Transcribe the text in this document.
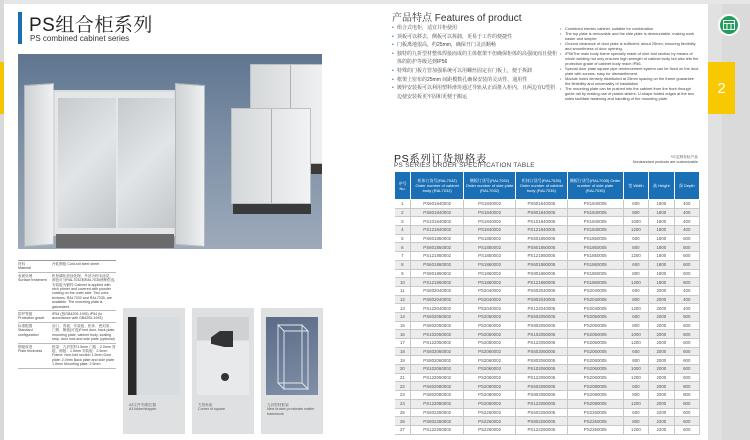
PS组合柜系列
PS combined cabinet series
材料
Material
冷轧钢板 Cold-roll steel sheet
表面处理
Surface treatment
机柜磷化底涂处理，外部为粉末涂层，颜色可分RAL7032和RAL7035两种供选,安装板为镀锌 Cabinet is applied with etch primer and covered with powder coating on the outer side. Two color textures, RAL7032 and RAL7035, are available. The mounting plate is galvanized.
防护等级
Protection grade
IP54 (按GB4205-1993) IP54 (in accordance with GB4205-1993)
标准配置
Standard configuration
前门、背板、安装板、柜体、密封条、门锁、侧板(可选)Front door, back plate, mounting plate, cabinet body, sealing strip, door lock and side plate (optional)
钢板厚度
Plate thickness
框架：九折型材1.5mm 门板：2.0mm 背板、侧板：1.5mm 安装板：2.5mm Frame: nine-fold section 1.5mm Door plate: 2.0mm Back plate and side plate: 1.5mm Mounting plate: 2.5mm
A3文件夹/限位器
A3 folder/stopper
方管角座
Corner of square
九折型材框架
Nine broken proximate matter framework
产品特点 Features of product
• 组合式电柜，适宜并柜使用
• 顶板可以移去，侧板可以拆卸，更易于工作的便捷性
• 门板离地很高，约25mm，确保开门灵活顺畅
• 独特的九折型材整体焊接而成的主体框架不但确保柜体的高强度而且使柜体的防护等级达到IP56
• 特殊的门板方管加强系统可以用螺丝固定在门板上，便于拆卸
• 框架上密布的25mm 间距模数孔确保安装的灵活性、通用性
• 镀锌安装板可以利用塑料滑块通过导轨从正面推入柜内，且两边有U型折边使安装板更牢固和更便于搬运
• Combined electric cabinet, suitable for combination
• The top plate is removable and the side plate is demountable, making work easier and simpler
• Ground clearance of door plate is sufficient, about 25mm, ensuring flexibility and smoothness of door opening.
• IP56The main body frame specially made of nine-fold section by means of whole welding not only ensures high strength of cabinet body but also lets the protection grade of cabinet body reach IP56.
• Special door plate square pipe reinforcement system can be fixed on the door plate with screws, easy for dismantlement.
• Module holes densely distributed at 25mm spacing on the frame guarantee the flexibility and universality of installation
• The mounting plate can be pushed into the cabinet from the front through guide rail by making use of plastic sliders. U-shape folded edges at the two sides facilitate fastening and handling of the mounting plate.
PS系列订货规格表
PS SERIES ORDER SPECIFICATION TABLE
*可定制非标产品
Nonstandard products are customizable
序号 No.	柜体订货号(RAL7032) Order number of cabinet body (RAL7032)	侧板订货号(RAL7032) Order number of side plate (RAL7032)	柜体订货号(RAL7035) Order number of cabinet body (RAL7035)	侧板订货号(RAL7035) Order number of side plate (RAL7035)	宽 Width	高 Height	深 Depth
1	PS601840002	PS1840002	PS601840005	PS1840005	600	1800	400
2	PS801840002	PS1840002	PS801840005	PS1840005	800	1800	400
3	PS101840002	PS1840002	PS101840005	PS1840005	1000	1800	400
4	PS121840002	PS1840002	PS121840005	PS1840005	1200	1800	400
5	PS601850002	PS1850002	PS601850005	PS1850005	600	1800	500
6	PS801850002	PS1850002	PS801850005	PS1850005	800	1800	500
7	PS121850002	PS1850002	PS121850005	PS1850005	1200	1800	500
8	PS601860002	PS1860002	PS601860005	PS1860005	600	1800	600
9	PS801860002	PS1860002	PS801860005	PS1860005	800	1800	600
10	PS121860002	PS1860002	PS121860005	PS1860005	1200	1800	600
11	PS602040002	PS2040002	PS602040005	PS2040005	600	2000	400
12	PS802040002	PS2040002	PS802040005	PS2040005	800	2000	400
13	PS122040002	PS2040002	PS122040005	PS2040005	1200	2000	400
14	PS602050002	PS2050002	PS602050005	PS2050005	600	2000	500
15	PS802050002	PS2050002	PS802050005	PS2050005	800	2000	500
16	PS102050002	PS2050002	PS102050005	PS2050005	1000	2000	500
17	PS122050002	PS2050002	PS122050005	PS2050005	1200	2000	500
18	PS602060002	PS2060002	PS602060005	PS2060005	600	2000	600
19	PS802060002	PS2060002	PS802060005	PS2060005	800	2000	600
20	PS102060002	PS2060002	PS102060005	PS2060005	1000	2000	600
21	PS122060002	PS2060002	PS122060005	PS2060005	1200	2000	600
22	PS602080002	PS2080002	PS602080005	PS2080005	600	2000	800
23	PS802080002	PS2080002	PS802080005	PS2080005	800	2000	800
24	PS122080002	PS2080002	PS122080005	PS2080005	1200	2000	800
25	PS602260002	PS2260002	PS602260005	PS2260005	600	2200	600
26	PS802260002	PS2260002	PS802260005	PS2260005	800	2200	600
27	PS122260002	PS2260002	PS122260005	PS2260005	1200	2200	600
2
